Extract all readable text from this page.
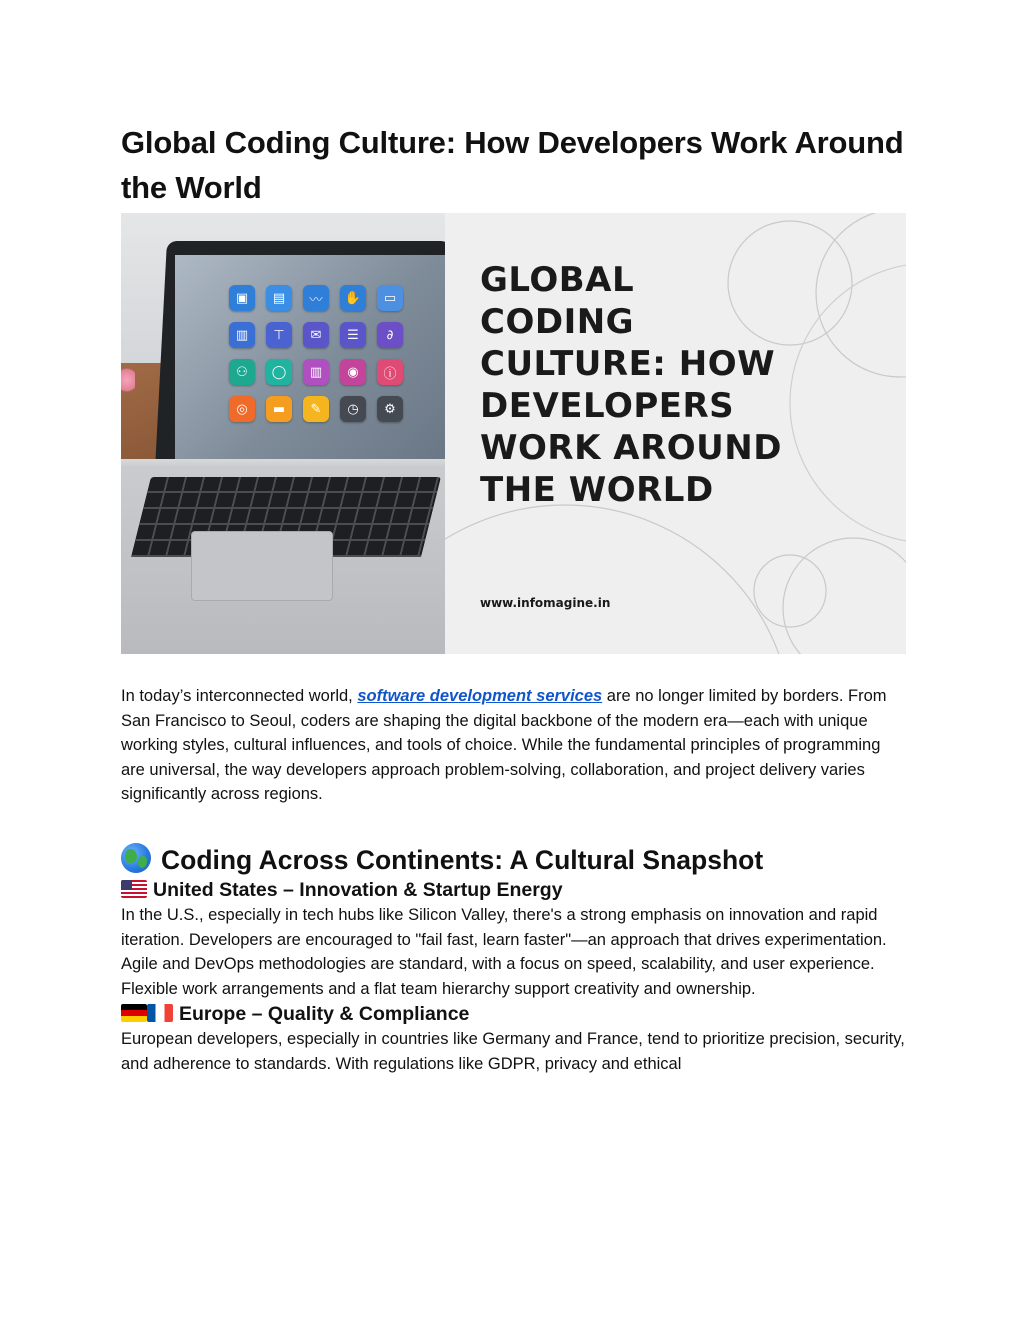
Global Coding Culture: How Developers Work Around the World
▣	▤	〰	✋	▭
▥	⊤	✉	☰	∂
⚇	◯	▥	◉	ⓘ
◎	▬	✎	◷	⚙
GLOBAL
CODING
CULTURE: HOW
DEVELOPERS
WORK AROUND
THE WORLD
www.infomagine.in

In today’s interconnected world, software development services are no longer limited by borders. From San Francisco to Seoul, coders are shaping the digital backbone of the modern era—each with unique working styles, cultural influences, and tools of choice. While the fundamental principles of programming are universal, the way developers approach problem-solving, collaboration, and project delivery varies significantly across regions.

Coding Across Continents: A Cultural Snapshot
United States – Innovation & Startup Energy

In the U.S., especially in tech hubs like Silicon Valley, there's a strong emphasis on innovation and rapid iteration. Developers are encouraged to "fail fast, learn faster"—an approach that drives experimentation. Agile and DevOps methodologies are standard, with a focus on speed, scalability, and user experience. Flexible work arrangements and a flat team hierarchy support creativity and ownership.

Europe – Quality & Compliance

European developers, especially in countries like Germany and France, tend to prioritize precision, security, and adherence to standards. With regulations like GDPR, privacy and ethical
